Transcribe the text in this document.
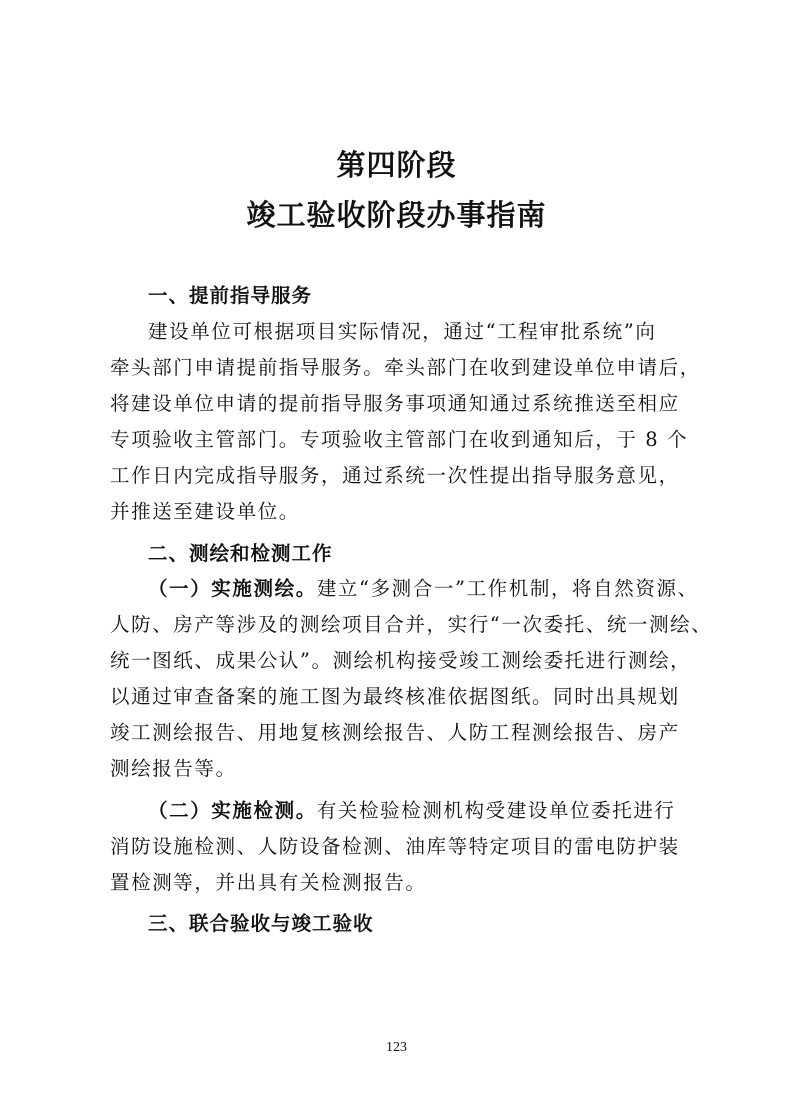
第四阶段
竣工验收阶段办事指南
一、提前指导服务
建设单位可根据项目实际情况，通过“工程审批系统”向
牵头部门申请提前指导服务。牵头部门在收到建设单位申请后，
将建设单位申请的提前指导服务事项通知通过系统推送至相应
专项验收主管部门。专项验收主管部门在收到通知后，于 8 个
工作日内完成指导服务，通过系统一次性提出指导服务意见，
并推送至建设单位。
二、测绘和检测工作
（一）实施测绘。建立“多测合一”工作机制，将自然资源、
人防、房产等涉及的测绘项目合并，实行“一次委托、统一测绘、
统一图纸、成果公认”。测绘机构接受竣工测绘委托进行测绘，
以通过审查备案的施工图为最终核准依据图纸。同时出具规划
竣工测绘报告、用地复核测绘报告、人防工程测绘报告、房产
测绘报告等。
（二）实施检测。有关检验检测机构受建设单位委托进行
消防设施检测、人防设备检测、油库等特定项目的雷电防护装
置检测等，并出具有关检测报告。
三、联合验收与竣工验收
123
